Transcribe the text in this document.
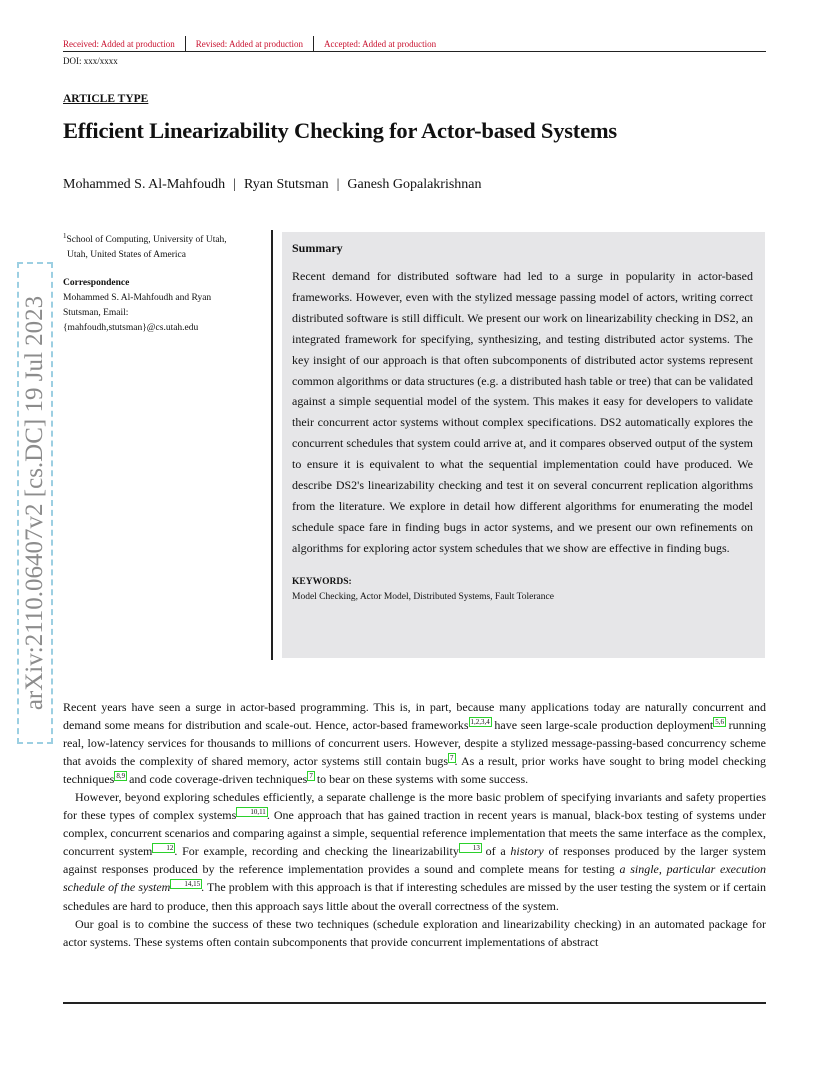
Received: Added at production Revised: Added at production Accepted: Added at production
DOI: xxx/xxxx
ARTICLE TYPE
Efficient Linearizability Checking for Actor-based Systems
Mohammed S. Al-Mahfoudh | Ryan Stutsman | Ganesh Gopalakrishnan
arXiv:2110.06407v2 [cs.DC] 19 Jul 2023
$^1$School of Computing, University of Utah,
Utah, United States of America
Correspondence
Mohammed S. Al-Mahfoudh and Ryan
Stutsman, Email:
{mahfoudh,stutsman}@cs.utah.edu
Summary

Recent demand for distributed software had led to a surge in popularity in actor-based frameworks. However, even with the stylized message passing model of actors, writing correct distributed software is still difficult. We present our work on linearizability checking in DS2, an integrated framework for specifying, synthesizing, and testing distributed actor systems. The key insight of our approach is that often subcomponents of distributed actor systems represent common algorithms or data structures (e.g. a distributed hash table or tree) that can be validated against a simple sequential model of the system. This makes it easy for developers to validate their concurrent actor systems without complex specifications. DS2 automatically explores the concurrent schedules that system could arrive at, and it compares observed output of the system to ensure it is equivalent to what the sequential implementation could have produced. We describe DS2's linearizability checking and test it on several concurrent replication algorithms from the literature. We explore in detail how different algorithms for enumerating the model schedule space fare in finding bugs in actor systems, and we present our own refinements on algorithms for exploring actor system schedules that we show are effective in finding bugs.

KEYWORDS:
Model Checking, Actor Model, Distributed Systems, Fault Tolerance

Recent years have seen a surge in actor-based programming. This is, in part, because many applications today are naturally concurrent and demand some means for distribution and scale-out. Hence, actor-based frameworks 1,2,3,4 have seen large-scale production deployment 5,6 running real, low-latency services for thousands to millions of concurrent users. However, despite a stylized message-passing-based concurrency scheme that avoids the complexity of shared memory, actor systems still contain bugs 7. As a result, prior works have sought to bring model checking techniques 8,9 and code coverage-driven techniques 7 to bear on these systems with some success.

However, beyond exploring schedules efficiently, a separate challenge is the more basic problem of specifying invariants and safety properties for these types of complex systems 10,11. One approach that has gained traction in recent years is manual, black-box testing of systems under complex, concurrent scenarios and comparing against a simple, sequential reference implementation that meets the same interface as the complex, concurrent system 12. For example, recording and checking the linearizability 13 of a history of responses produced by the larger system against responses produced by the reference implementation provides a sound and complete means for testing a single, particular execution schedule of the system 14,15. The problem with this approach is that if interesting schedules are missed by the user testing the system or if certain schedules are hard to produce, then this approach says little about the overall correctness of the system.

Our goal is to combine the success of these two techniques (schedule exploration and linearizability checking) in an automated package for actor systems. These systems often contain subcomponents that provide concurrent implementations of abstract
